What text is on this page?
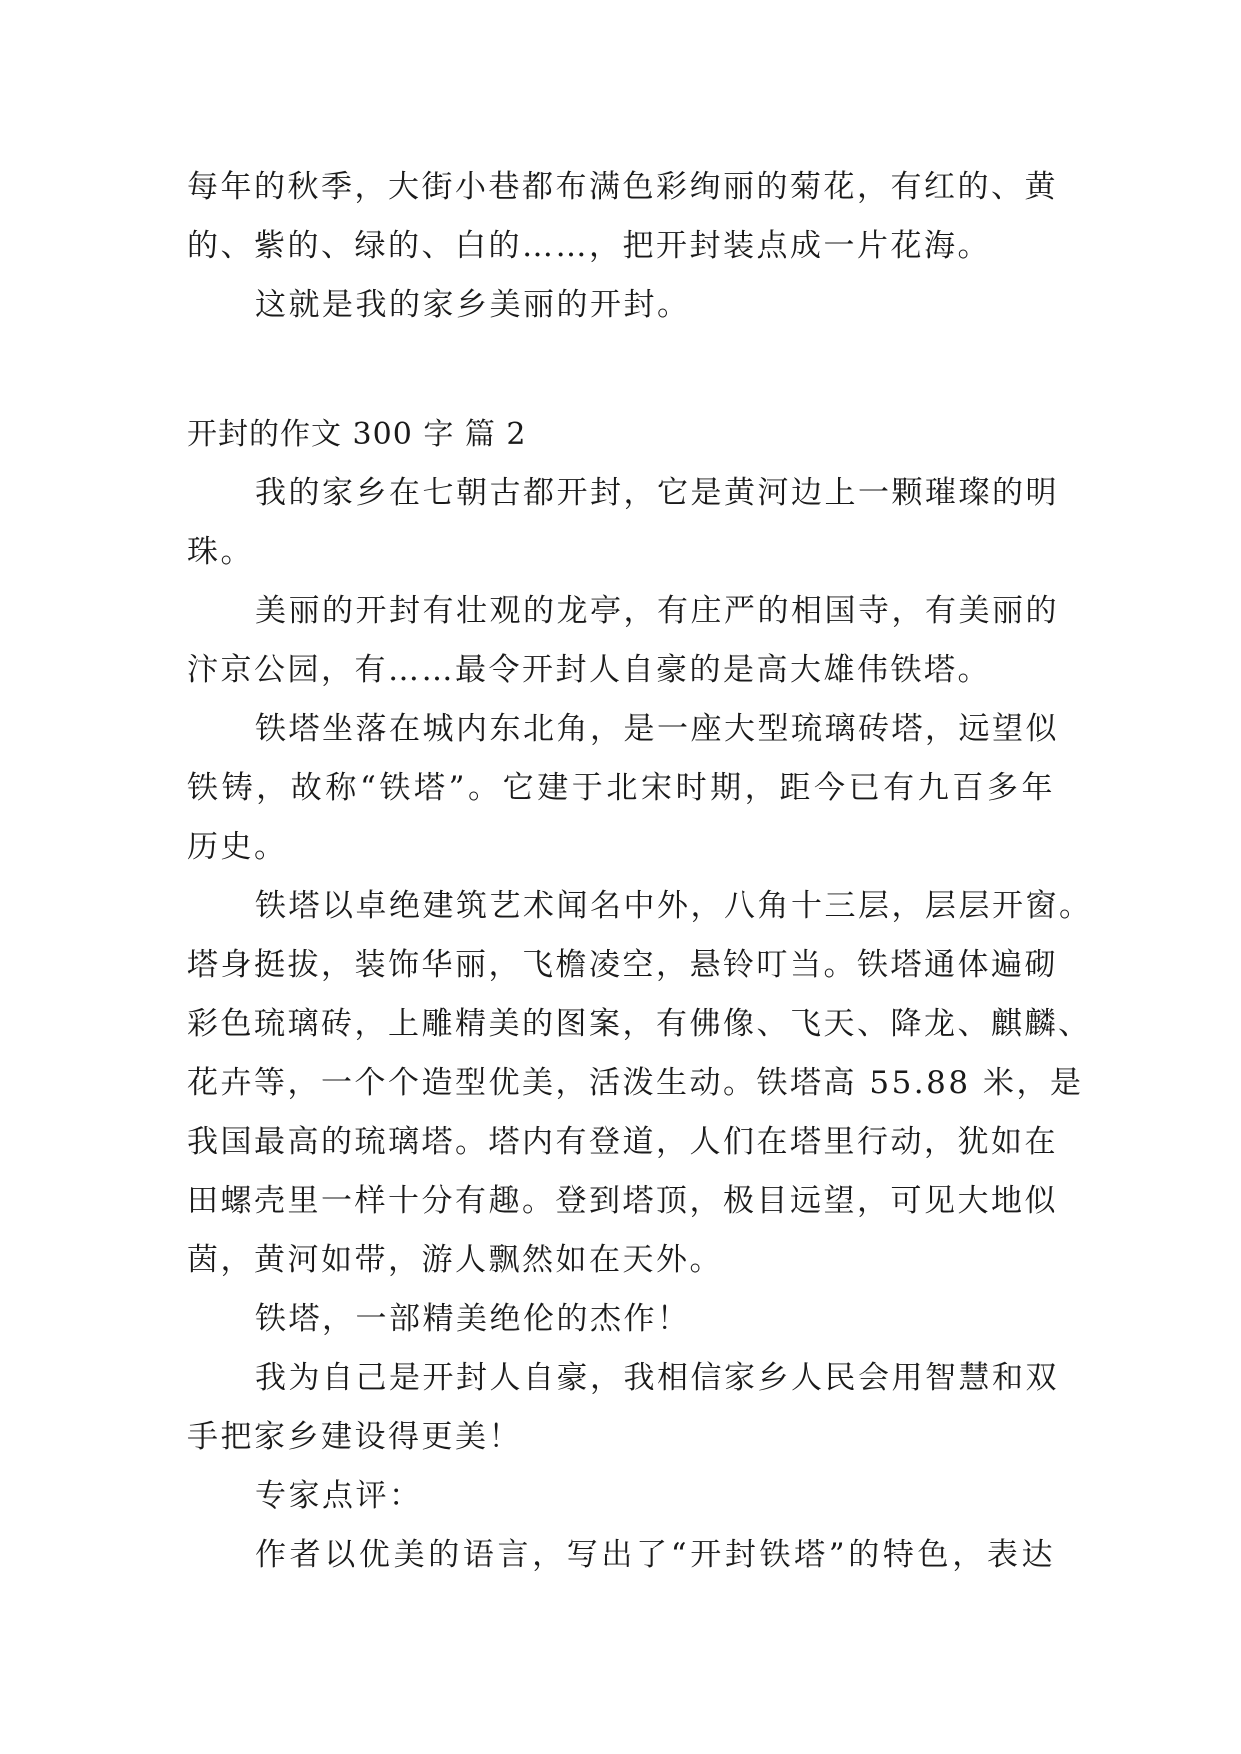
每年的秋季，大街小巷都布满色彩绚丽的菊花，有红的、黄
的、紫的、绿的、白的……，把开封装点成一片花海。
这就是我的家乡美丽的开封。
开封的作文 300 字 篇 2
我的家乡在七朝古都开封，它是黄河边上一颗璀璨的明
珠。
美丽的开封有壮观的龙亭，有庄严的相国寺，有美丽的
汴京公园，有……最令开封人自豪的是高大雄伟铁塔。
铁塔坐落在城内东北角，是一座大型琉璃砖塔，远望似
铁铸，故称“铁塔”。它建于北宋时期，距今已有九百多年
历史。
铁塔以卓绝建筑艺术闻名中外，八角十三层，层层开窗。
塔身挺拔，装饰华丽，飞檐凌空，悬铃叮当。铁塔通体遍砌
彩色琉璃砖，上雕精美的图案，有佛像、飞天、降龙、麒麟、
花卉等，一个个造型优美，活泼生动。铁塔高 55.88 米，是
我国最高的琉璃塔。塔内有登道，人们在塔里行动，犹如在
田螺壳里一样十分有趣。登到塔顶，极目远望，可见大地似
茵，黄河如带，游人飘然如在天外。
铁塔，一部精美绝伦的杰作！
我为自己是开封人自豪，我相信家乡人民会用智慧和双
手把家乡建设得更美！
专家点评：
作者以优美的语言，写出了“开封铁塔”的特色，表达
